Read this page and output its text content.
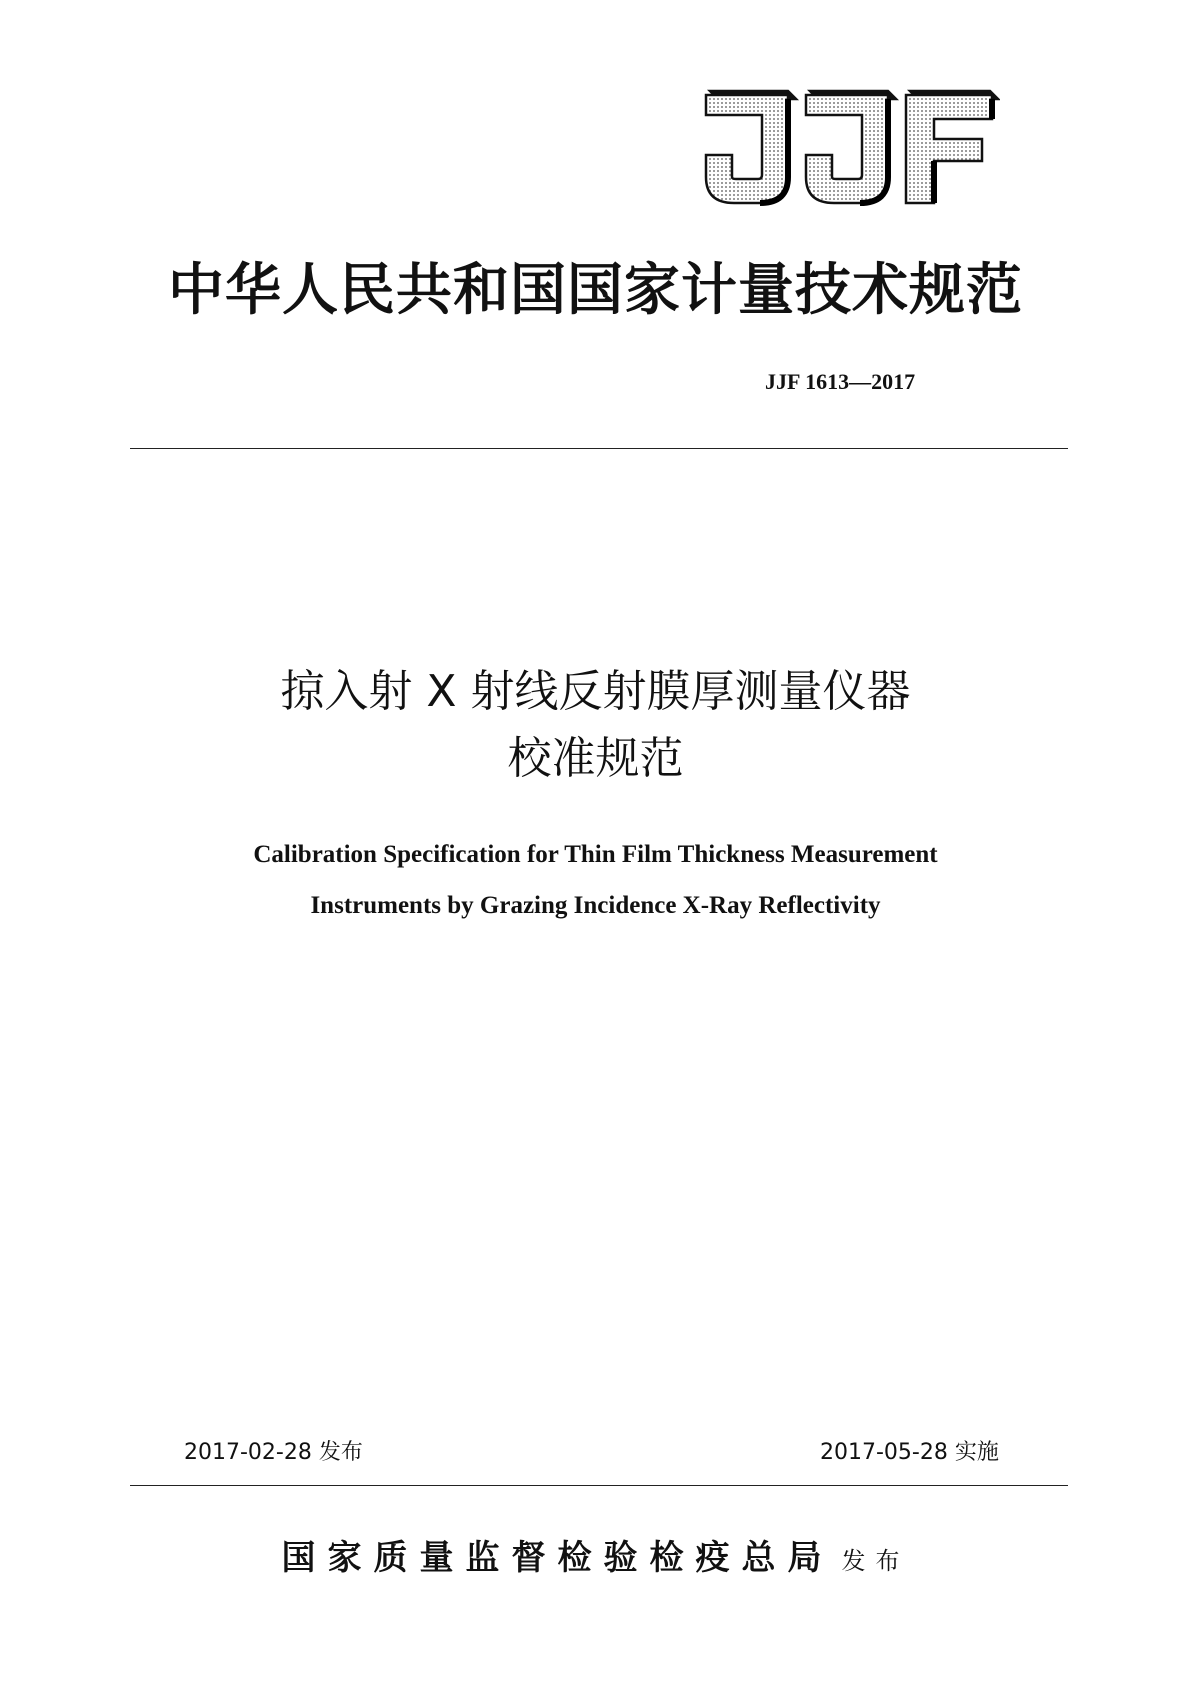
中华人民共和国国家计量技术规范
JJF 1613—2017
掠入射 X 射线反射膜厚测量仪器
校准规范
Calibration Specification for Thin Film Thickness Measurement
Instruments by Grazing Incidence X-Ray Reflectivity
2017-02-28 发布	2017-05-28 实施
国家质量监督检验检疫总局 发布
